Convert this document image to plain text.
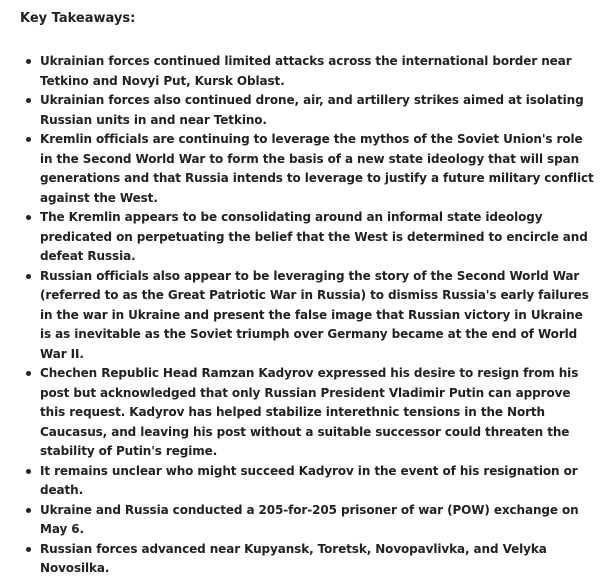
Key Takeaways:
Ukrainian forces continued limited attacks across the international border near Tetkino and Novyi Put, Kursk Oblast.
Ukrainian forces also continued drone, air, and artillery strikes aimed at isolating Russian units in and near Tetkino.
Kremlin officials are continuing to leverage the mythos of the Soviet Union's role in the Second World War to form the basis of a new state ideology that will span generations and that Russia intends to leverage to justify a future military conflict against the West.
The Kremlin appears to be consolidating around an informal state ideology predicated on perpetuating the belief that the West is determined to encircle and defeat Russia.
Russian officials also appear to be leveraging the story of the Second World War (referred to as the Great Patriotic War in Russia) to dismiss Russia's early failures in the war in Ukraine and present the false image that Russian victory in Ukraine is as inevitable as the Soviet triumph over Germany became at the end of World War II.
Chechen Republic Head Ramzan Kadyrov expressed his desire to resign from his post but acknowledged that only Russian President Vladimir Putin can approve this request. Kadyrov has helped stabilize interethnic tensions in the North Caucasus, and leaving his post without a suitable successor could threaten the stability of Putin's regime.
It remains unclear who might succeed Kadyrov in the event of his resignation or death.
Ukraine and Russia conducted a 205-for-205 prisoner of war (POW) exchange on May 6.
Russian forces advanced near Kupyansk, Toretsk, Novopavlivka, and Velyka Novosilka.
